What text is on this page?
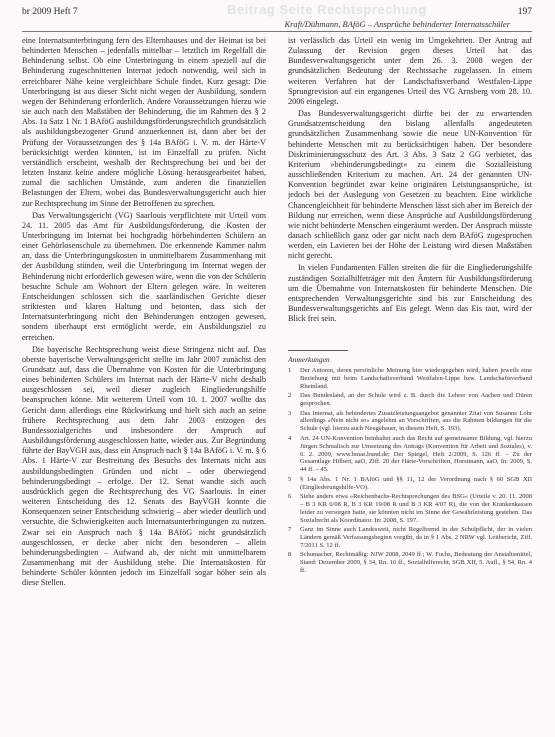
br 2009 Heft 7	Beitrag Seite Rechtsprechung	197
Kraft/Dühmann, BAföG – Ansprüche behinderter Internatsschüler

eine Internatsunterbringung fern des Elternhauses und der Heimat ist bei behinderten Menschen – jedenfalls mittelbar – letztlich im Regelfall die Behinderung selbst. Ob eine Unterbringung in einem speziell auf die Behinderung zugeschnittenen Internat jedoch notwendig, weil sich in erreichbarer Nähe keine vergleichbare Schule findet. Kurz gesagt: Die Unterbringung ist aus dieser Sicht nicht wegen der Ausbildung, sondern wegen der Behinderung erforderlich. Andere Voraussetzungen hierzu wie sie auch nach den Maßstäben der Behinderung, die im Rahmen des § 2 Abs. 1a Satz 1 Nr. 1 BAföG ausbildungsförderungsrechtlich grundsätzlich als ausbildungsbezogener Grund anzuerkennen ist, dann aber bei der Prüfung der Voraussetzungen des § 14a BAföG i. V. m. der Härte-V berücksichtigt werden könnten, ist im Einzelfall zu prüfen. Nicht verständlich erscheint, weshalb der Rechtsprechung bei und bei der letzten Instanz keine andere mögliche Lösung herausgearbeitet haben, zumal die sachlichen Umstände, zum anderen die finanziellen Belastungen der Eltern, wobei das Bundesverwaltungsgericht auch hier zur Rechtsprechung im Sinne der Betroffenen zu sprechen.

Das Verwaltungsgericht (VG) Saarlouis verpflichtete mit Urteil vom 24. 11. 2005 das Amt für Ausbildungsförderung, die Kosten der Unterbringung im Internat bei hochgradig hörbehinderten Schülern an einer Gehörlosenschule zu übernehmen. Die erkennende Kammer nahm an, dass die Unterbringungskosten in unmittelbarem Zusammenhang mit der Ausbildung stünden, weil die Unterbringung im Internat wegen der Behinderung nicht erforderlich gewesen wäre, wenn die von der Schülerin besuchte Schule am Wohnort der Eltern gelegen wäre. In weiteren Entscheidungen schlossen sich die saarländischen Gerichte dieser striktesten und klaren Haltung und betonten, dass sich der Internatsunterbringung nicht den Behinderungen entzogen gewesen, sondern überhaupt erst ermöglicht werde, ein Ausbildungsziel zu erreichen.

Die bayerische Rechtsprechung weist diese Stringenz nicht auf. Das oberste bayerische Verwaltungsgericht stellte im Jahr 2007 zunächst den Grundsatz auf, dass die Übernahme von Kosten für die Unterbringung eines behinderten Schülers im Internat nach der Härte-V nicht deshalb ausgeschlossen sei, weil dieser zugleich Eingliederungshilfe beanspruchen könne. Mit weiterem Urteil vom 10. 1. 2007 wollte das Gericht dann allerdings eine Rückwirkung und hielt sich auch an seine frühere Rechtsprechung aus dem Jahr 2003 entzogen des Bundessozialgerichts und insbesondere der Anspruch auf Ausbildungsförderung ausgeschlossen hatte, wieder aus. Zur Begründung führte der BayVGH aus, dass ein Anspruch nach § 14a BAföG i. V. m. § 6 Abs. 1 Härte-V zur Bestreitung des Besuchs des Internats nicht aus ausbildungsbedingten Gründen und nicht – oder überwiegend behinderungsbedingt – erfolge. Der 12. Senat wandte sich auch ausdrücklich gegen die Rechtsprechung des VG Saarlouis. In einer weiteren Entscheidung des 12. Senats des BayVGH konnte die Konsequenzen seiner Entscheidung schwierig – aber wieder deutlich und versuchte, die Schwierigkeiten auch Internatsunterbringungen zu nutzen. Zwar sei ein Anspruch nach § 14a BAföG nicht grundsätzlich ausgeschlossen, er decke aber nicht den besonderen – allein behinderungsbedingten – Aufwand ab, der nicht mit unmittelbarem Zusammenhang mit der Ausbildung stehe. Die Internatskosten für behinderte Schüler könnten jedoch im Einzelfall sogar höher sein als diese Stellen.

ist verlässlich das Urteil ein wenig im Umgekehrten. Der Antrag auf Zulassung der Revision gegen dieses Urteil hat das Bundesverwaltungsgericht unter dem 26. 3. 2008 wegen der grundsätzlichen Bedeutung der Rechtssache zugelassen. In einem weiteren Verfahren hat der Landschaftsverband Westfalen-Lippe Sprungrevision auf ein ergangenes Urteil des VG Arnsberg vom 28. 10. 2006 eingelegt.

Das Bundesverwaltungsgericht dürfte bei der zu erwartenden Grundsatzentscheidung den bislang allenfalls angedeuteten grundsätzlichen Zusammenhang sowie die neue UN-Konvention für behinderte Menschen mit zu berücksichtigen haben. Der besondere Diskriminierungsschutz des Art. 3 Abs. 3 Satz 2 GG verbietet, das Kriterium »behinderungsbedingt« zu einem die Sozialleistung ausschließenden Kriterium zu machen. Art. 24 der genannten UN-Konvention begründet zwar keine originären Leistungsansprüche, ist jedoch bei der Auslegung von Gesetzen zu beachten. Eine wirkliche Chancengleichheit für behinderte Menschen lässt sich aber im Bereich der Bildung nur erreichen, wenn diese Ansprüche auf Ausbildungsförderung wie nicht behinderte Menschen eingeräumt werden. Der Anspruch müsste danach schließlich ganz oder gar nicht nach dem BAföG zugesprochen werden, ein Lavieren bei der Höhe der Leistung wird diesen Maßstäben nicht gerecht.

In vielen Fundamenten Fällen streiten die für die Eingliederungshilfe zuständigen Sozialhilfeträger mit den Ämtern für Ausbildungsförderung um die Übernahme von Internatskosten für behinderte Menschen. Die entsprechenden Verwaltungsgerichte sind bis zur Entscheidung des Bundesverwaltungsgerichts auf Eis gelegt. Wenn das Eis taut, wird der Blick frei sein.

Anmerkungen
1 Der Autoren, deren persönliche Meinung hier wiedergegeben wird, haben jeweils eine Beziehung mit beim Landschaftsverband Westfalen-Lippe bzw. Landschaftsverband Rheinland.
2 Das Bundesland, an der Schule wird z. B. durch die Lehrer von Aachen und Düren gesprochen.
3 Das Internat, als behindertes Zusatzleistungsangebot genannter Zitat von Susanne Lohr allerdings »Nein nicht so« angelehnt an Vorschriften, aus die Rahmen bildungen für die Schule (vgl. hierzu auch Neugebauer, in diesem Heft, S. 193).
4 Art. 24 UN-Konvention beinhaltet auch das Recht auf gemeinsame Bildung, vgl. hierzu Jürgen Schmalisch zur Umsetzung des Antrags (Konvention für Arbeit und Soziales), v. 6. 2. 2009, www.bmas.bund.de; Der Spiegel, Heft 2/2009, S. 126 ff. – Zu der Gesamtlage Hilbert, aaO, Ziff. 20 der Härte-Vorschriften, Horstmann, aaO, In: 2009, S. 44 ff. – 45.
5 § 14a Abs. 1 Nr. 1 BAföG und §§ 11, 12 der Verordnung nach § 60 SGB XII (Eingliederungshilfe-VO).
6 Siehe anders etwa »Reichenbachs-Rechtsprechungen des BSG« (Urteile v. 20. 11. 2008 – B 3 KR 6/08 R, B 3 KR 19/08 R und B 3 KR 4/07 R), die von der Krankenkassen leider zu versorgen hatte, sie könnten nicht im Sinne der Gewährleistung gestehen. Das Sozialrecht als Koordinator. In: 2008, S. 197.
7 Ganz im Sinne auch Landesweit, nicht Regelfremd in der Schulpflicht, der in vielen Ländern gemäß Verfassungsbeginn vorgibt, da in § 1 Abs. 2 NRW vgl. Leitbericht, Ziff. 7/2011 S. 12 ff.
8 Schumacher, Rechtmäßig: NJW 2008, 2049 ff.; W. Fuchs, Bedeutung der Anstaltsmittel, Stand: Dezember 2009, § 34, Rn. 16 ff., Sozialhilferecht, SGB XII, 5. Aufl., § 54, Rn. 4 ff.
